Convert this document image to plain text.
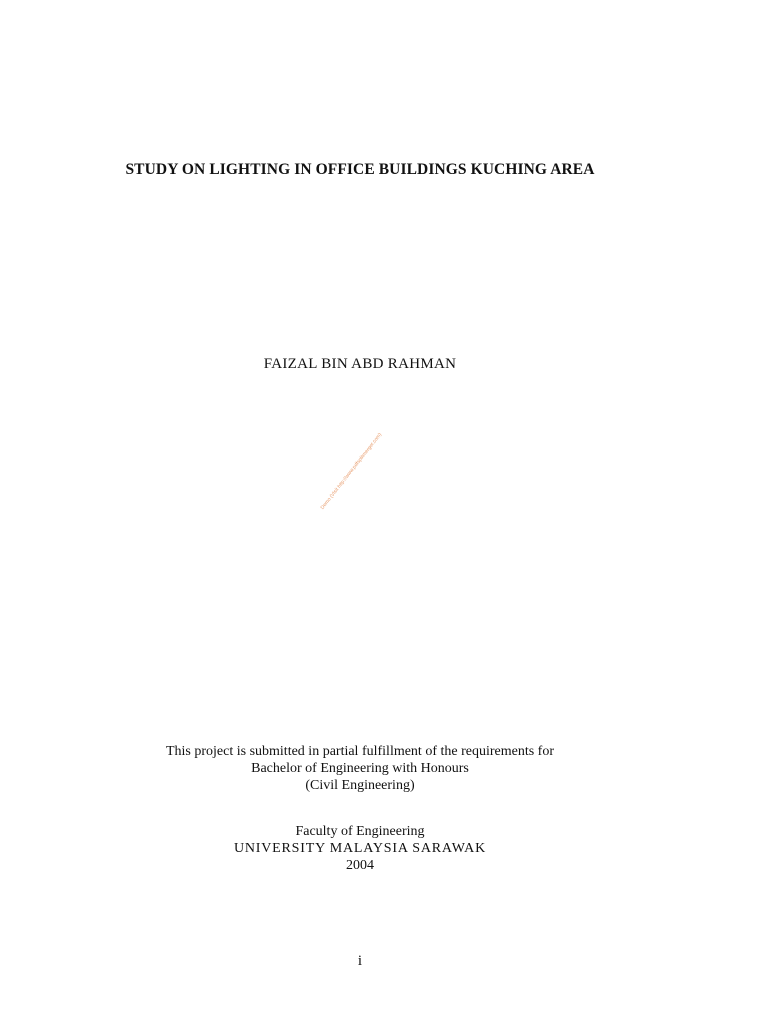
STUDY ON LIGHTING IN OFFICE BUILDINGS KUCHING AREA
FAIZAL BIN ABD RAHMAN
Demo (Visit http://www.pdfsplitmerger.com)
This project is submitted in partial fulfillment of the requirements for
Bachelor of Engineering with Honours
(Civil Engineering)
Faculty of Engineering
UNIVERSITY MALAYSIA SARAWAK
2004
i
